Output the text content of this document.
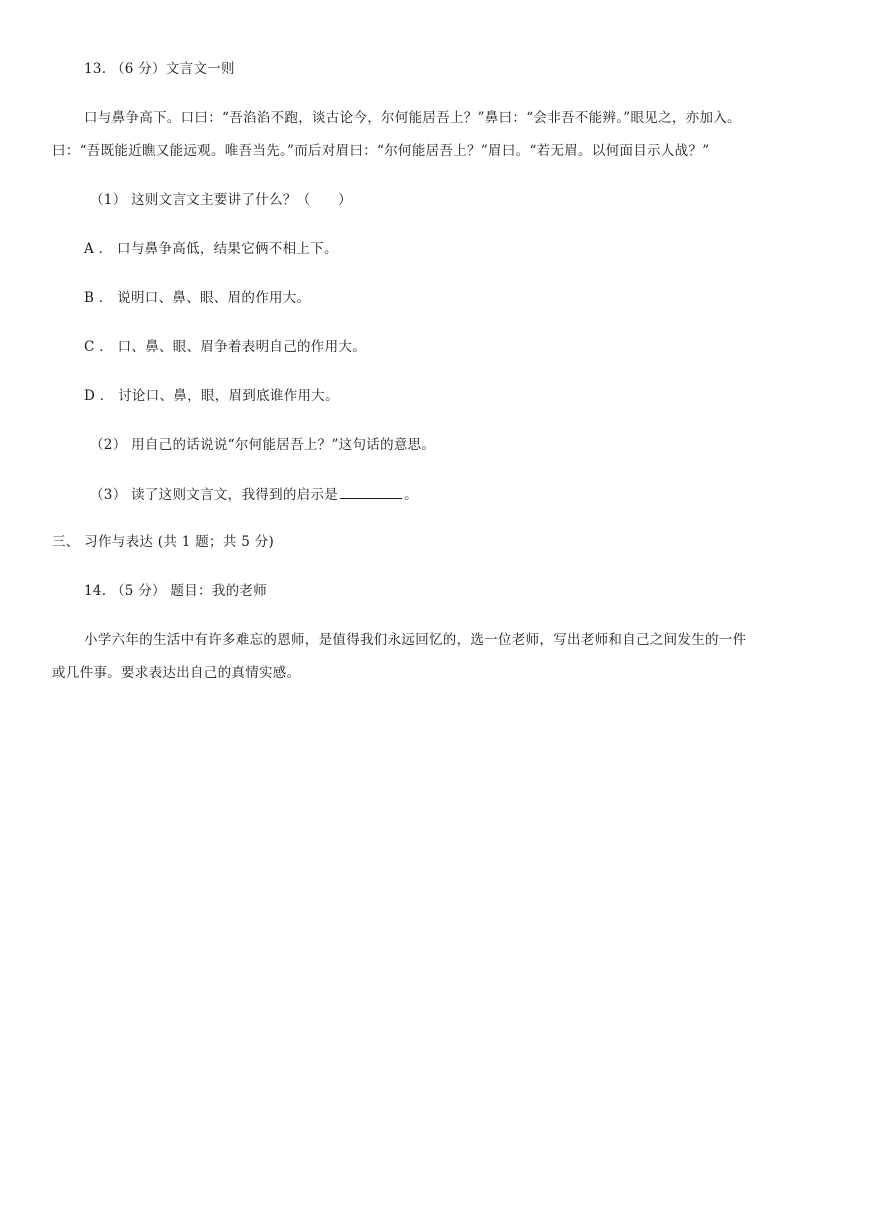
13. （6 分）文言文一则
口与鼻争高下。口曰：“吾淊淊不跑，谈古论今，尔何能居吾上？”鼻曰：“会非吾不能辨。”眼见之，亦加入。
曰：“吾既能近瞧又能远观。唯吾当先。”而后对眉曰：“尔何能居吾上？”眉曰。“若无眉。以何面目示人战？”
（1） 这则文言文主要讲了什么？（　　）
A ． 口与鼻争高低，结果它俩不相上下。
B ． 说明口、鼻、眼、眉的作用大。
C ． 口、鼻、眼、眉争着表明自己的作用大。
D ． 讨论口、鼻，眼，眉到底谁作用大。
（2） 用自己的话说说“尔何能居吾上？”这句话的意思。
（3） 读了这则文言文，我得到的启示是	。
三、 习作与表达 (共 1 题；共 5 分)
14. （5 分） 题目：我的老师
小学六年的生活中有许多难忘的恩师，是值得我们永远回忆的，选一位老师，写出老师和自己之间发生的一件
或几件事。要求表达出自己的真情实感。
